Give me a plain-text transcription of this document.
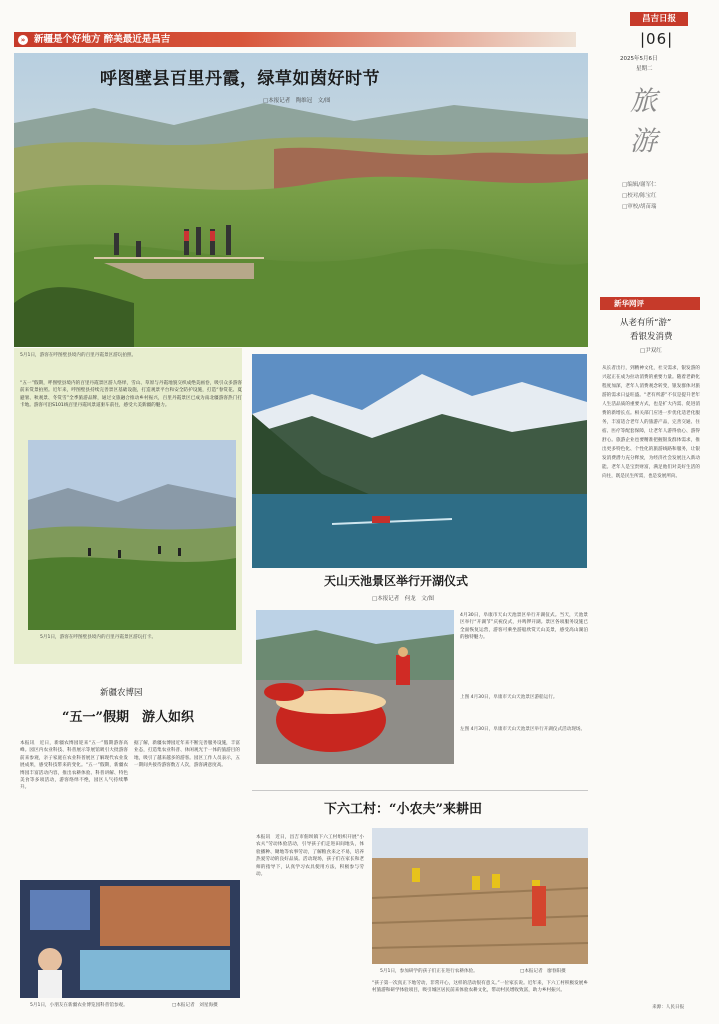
昌吉日报
|06|
2025年5月6日
星期二
旅游
□编辑/谢军仁
□校对/陈宝红
□审校/胡苗瑞
» 新疆是个好地方 醉美最近是昌吉
呼图壁县百里丹霞，绿草如茵好时节
□本报记者　陶维冠　文/图
5月1日，游客在呼图壁县境内的百里丹霞景区游玩拍照。
“五一”假期，呼图壁县境内的百里丹霞景区游人络绎，雪山、草原与丹霞地貌交织成绝美画卷，吸引众多游客前来赏景拍照。近年来，呼图壁县持续完善景区基础设施，打造观景平台和安全防护设施，打造“春赏花、夏避暑、秋观景、冬赏雪”全季旅游品牌，通过文旅融合推动乡村振兴，百里丹霞景区已成为南北疆游客热门打卡地。游客可沿S101线百里丹霞风景道驱车前往，感受大美新疆的魅力。
5月1日，游客在呼图壁县境内的百里丹霞景区游玩打卡。
天山天池景区举行开湖仪式
□本报记者　何龙　文/图
4月30日，阜康市天山天池景区举行开湖仪式。当天，天池景区举行“开湖节”庆祝仪式，并鸣锣开湖。景区各项服务设施已全面恢复运营，游客可乘坐游船欣赏天山美景，感受高山湖泊的独特魅力。
上图 4月30日，阜康市天山天池景区游船运行。
左图 4月30日，阜康市天山天池景区举行开湖仪式活动现场。
新疆农博园
“五一”假期　游人如织
本报讯　近日，新疆农博园迎来“五一”假期游客高峰。园区内农业科技、科普展示等展馆吸引大批游客前来参观，亲子家庭在农业科普展区了解现代农业发展成果，感受科技带来的变化。“五一”假期，新疆农博园丰富活动内容，推出农耕体验、科普讲解、特色美食等多项活动，游客络绎不绝，园区人气持续攀升。
据了解，新疆农博园近年来不断完善服务设施，丰富业态，打造集农业科普、休闲观光于一体的旅游目的地，吸引了越来越多的游客。园区工作人员表示，五一期间共接待游客数万人次，游客满意度高。
5月1日，小朋友在新疆农业博览园科普馆参观。	□本报记者　刘星海摄
下六工村：“小农夫”来耕田
本报讯　近日，昌吉市佃坝镇下六工村组织开展“小农夫”劳动体验活动，引导孩子们走进田间地头，体验播种、锄地等农事劳动，了解粮食来之不易，培养热爱劳动的良好品质。活动现场，孩子们在家长和老师的指导下，认真学习农具使用方法，积极参与劳动。
5月1日，参加研学的孩子们正在进行农耕体验。	□本报记者　廖春阳摄
“孩子第一次真正下地劳动，非常开心，这样的活动很有意义。”一位家长说。近年来，下六工村积极发展乡村旅游和研学体验项目，吸引城区居民前来体验农耕文化，带动村民增收致富，助力乡村振兴。
新华网评
从老有所“游”
看银发消费
□尹双红
从长者出行，到精神文化，社交需求，银发游的兴起正在成为拉动消费的重要力量。随着老龄化程度加深，老年人消费观念转变，银发群体对旅游的需求日益旺盛。“老有所游”不仅是提升老年人生活品质的重要方式，也是扩大内需、促进消费的新增长点。相关部门应进一步优化适老化服务，丰富适合老年人的旅游产品，完善交通、住宿、医疗等配套保障，让老年人游得放心、游得舒心。旅游企业也要精准把握银发群体需求，推出更多特色化、个性化的旅游线路和服务，让银发消费潜力充分释放，为经济社会发展注入新动能。老年人是宝贵财富，满足他们对美好生活的向往，既是民生所需，也是发展所向。
来源：人民日报
